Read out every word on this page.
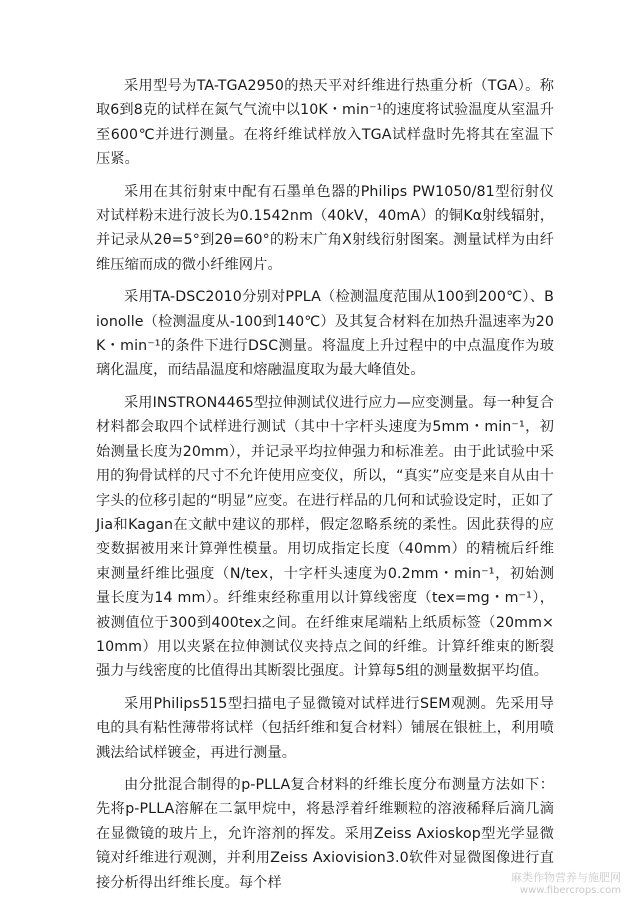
采用型号为TA-TGA2950的热天平对纤维进行热重分析（TGA）。称取6到8克的试样在氮气气流中以10K・min⁻¹的速度将试验温度从室温升至600℃并进行测量。在将纤维试样放入TGA试样盘时先将其在室温下压紧。

采用在其衍射束中配有石墨单色器的Philips PW1050/81型衍射仪对试样粉末进行波长为0.1542nm（40kV，40mA）的铜Kα射线辐射，并记录从2θ=5°到2θ=60°的粉末广角X射线衍射图案。测量试样为由纤维压缩而成的微小纤维网片。

采用TA-DSC2010分别对PPLA（检测温度范围从100到200℃）、Bionolle（检测温度从-100到140℃）及其复合材料在加热升温速率为20K・min⁻¹的条件下进行DSC测量。将温度上升过程中的中点温度作为玻璃化温度，而结晶温度和熔融温度取为最大峰值处。

采用INSTRON4465型拉伸测试仪进行应力—应变测量。每一种复合材料都会取四个试样进行测试（其中十字杆头速度为5mm・min⁻¹，初始测量长度为20mm），并记录平均拉伸强力和标准差。由于此试验中采用的狗骨试样的尺寸不允许使用应变仪，所以，“真实”应变是来自从由十字头的位移引起的“明显”应变。在进行样品的几何和试验设定时，正如了Jia和Kagan在文献中建议的那样，假定忽略系统的柔性。因此获得的应变数据被用来计算弹性模量。用切成指定长度（40mm）的精梳后纤维束测量纤维比强度（N/tex，十字杆头速度为0.2mm・min⁻¹，初始测量长度为14 mm）。纤维束经称重用以计算线密度（tex=mg・m⁻¹），被测值位于300到400tex之间。在纤维束尾端粘上纸质标签（20mm×10mm）用以夹紧在拉伸测试仪夹持点之间的纤维。计算纤维束的断裂强力与线密度的比值得出其断裂比强度。计算每5组的测量数据平均值。

采用Philips515型扫描电子显微镜对试样进行SEM观测。先采用导电的具有粘性薄带将试样（包括纤维和复合材料）铺展在银桩上，利用喷溅法给试样镀金，再进行测量。

由分批混合制得的p-PLLA复合材料的纤维长度分布测量方法如下：先将p-PLLA溶解在二氯甲烷中，将悬浮着纤维颗粒的溶液稀释后滴几滴在显微镜的玻片上，允许溶剂的挥发。采用Zeiss Axioskop型光学显微镜对纤维进行观测，并利用Zeiss Axiovision3.0软件对显微图像进行直接分析得出纤维长度。每个样	麻类作物营养与施肥网
www.fibercrops.com
